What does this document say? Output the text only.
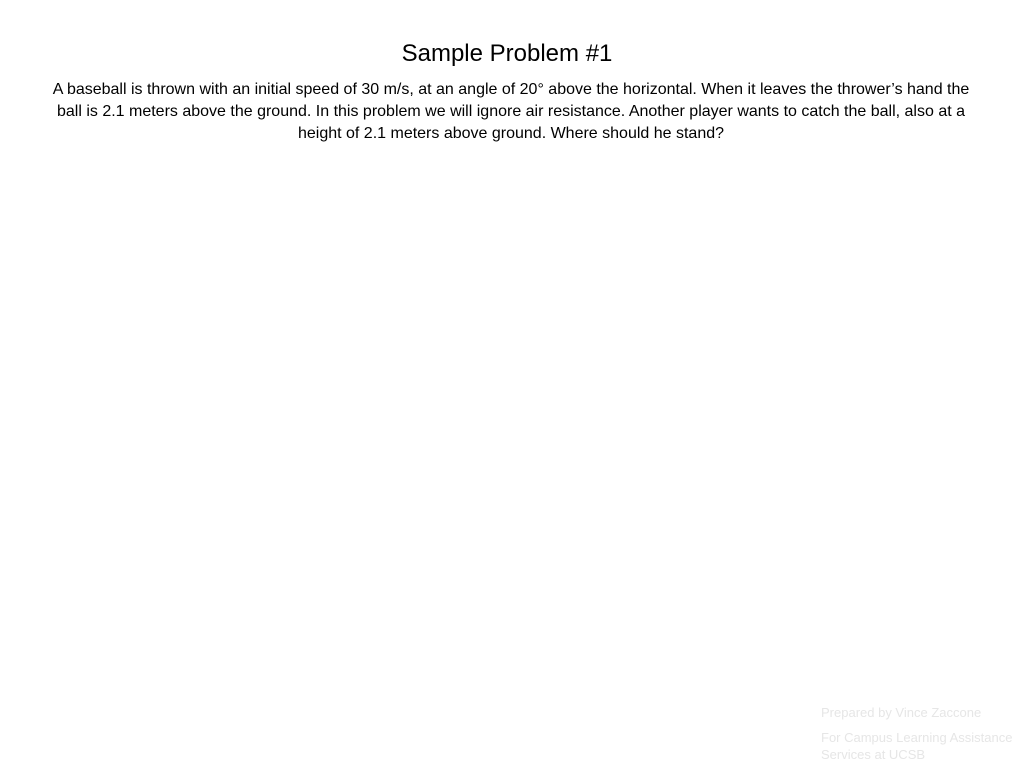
Sample Problem #1

A baseball is thrown with an initial speed of 30 m/s, at an angle of 20° above the horizontal. When it leaves the thrower’s hand the ball is 2.1 meters above the ground. In this problem we will ignore air resistance. Another player wants to catch the ball, also at a height of 2.1 meters above ground. Where should he stand?

Prepared by Vince Zaccone

For Campus Learning Assistance Services at UCSB
